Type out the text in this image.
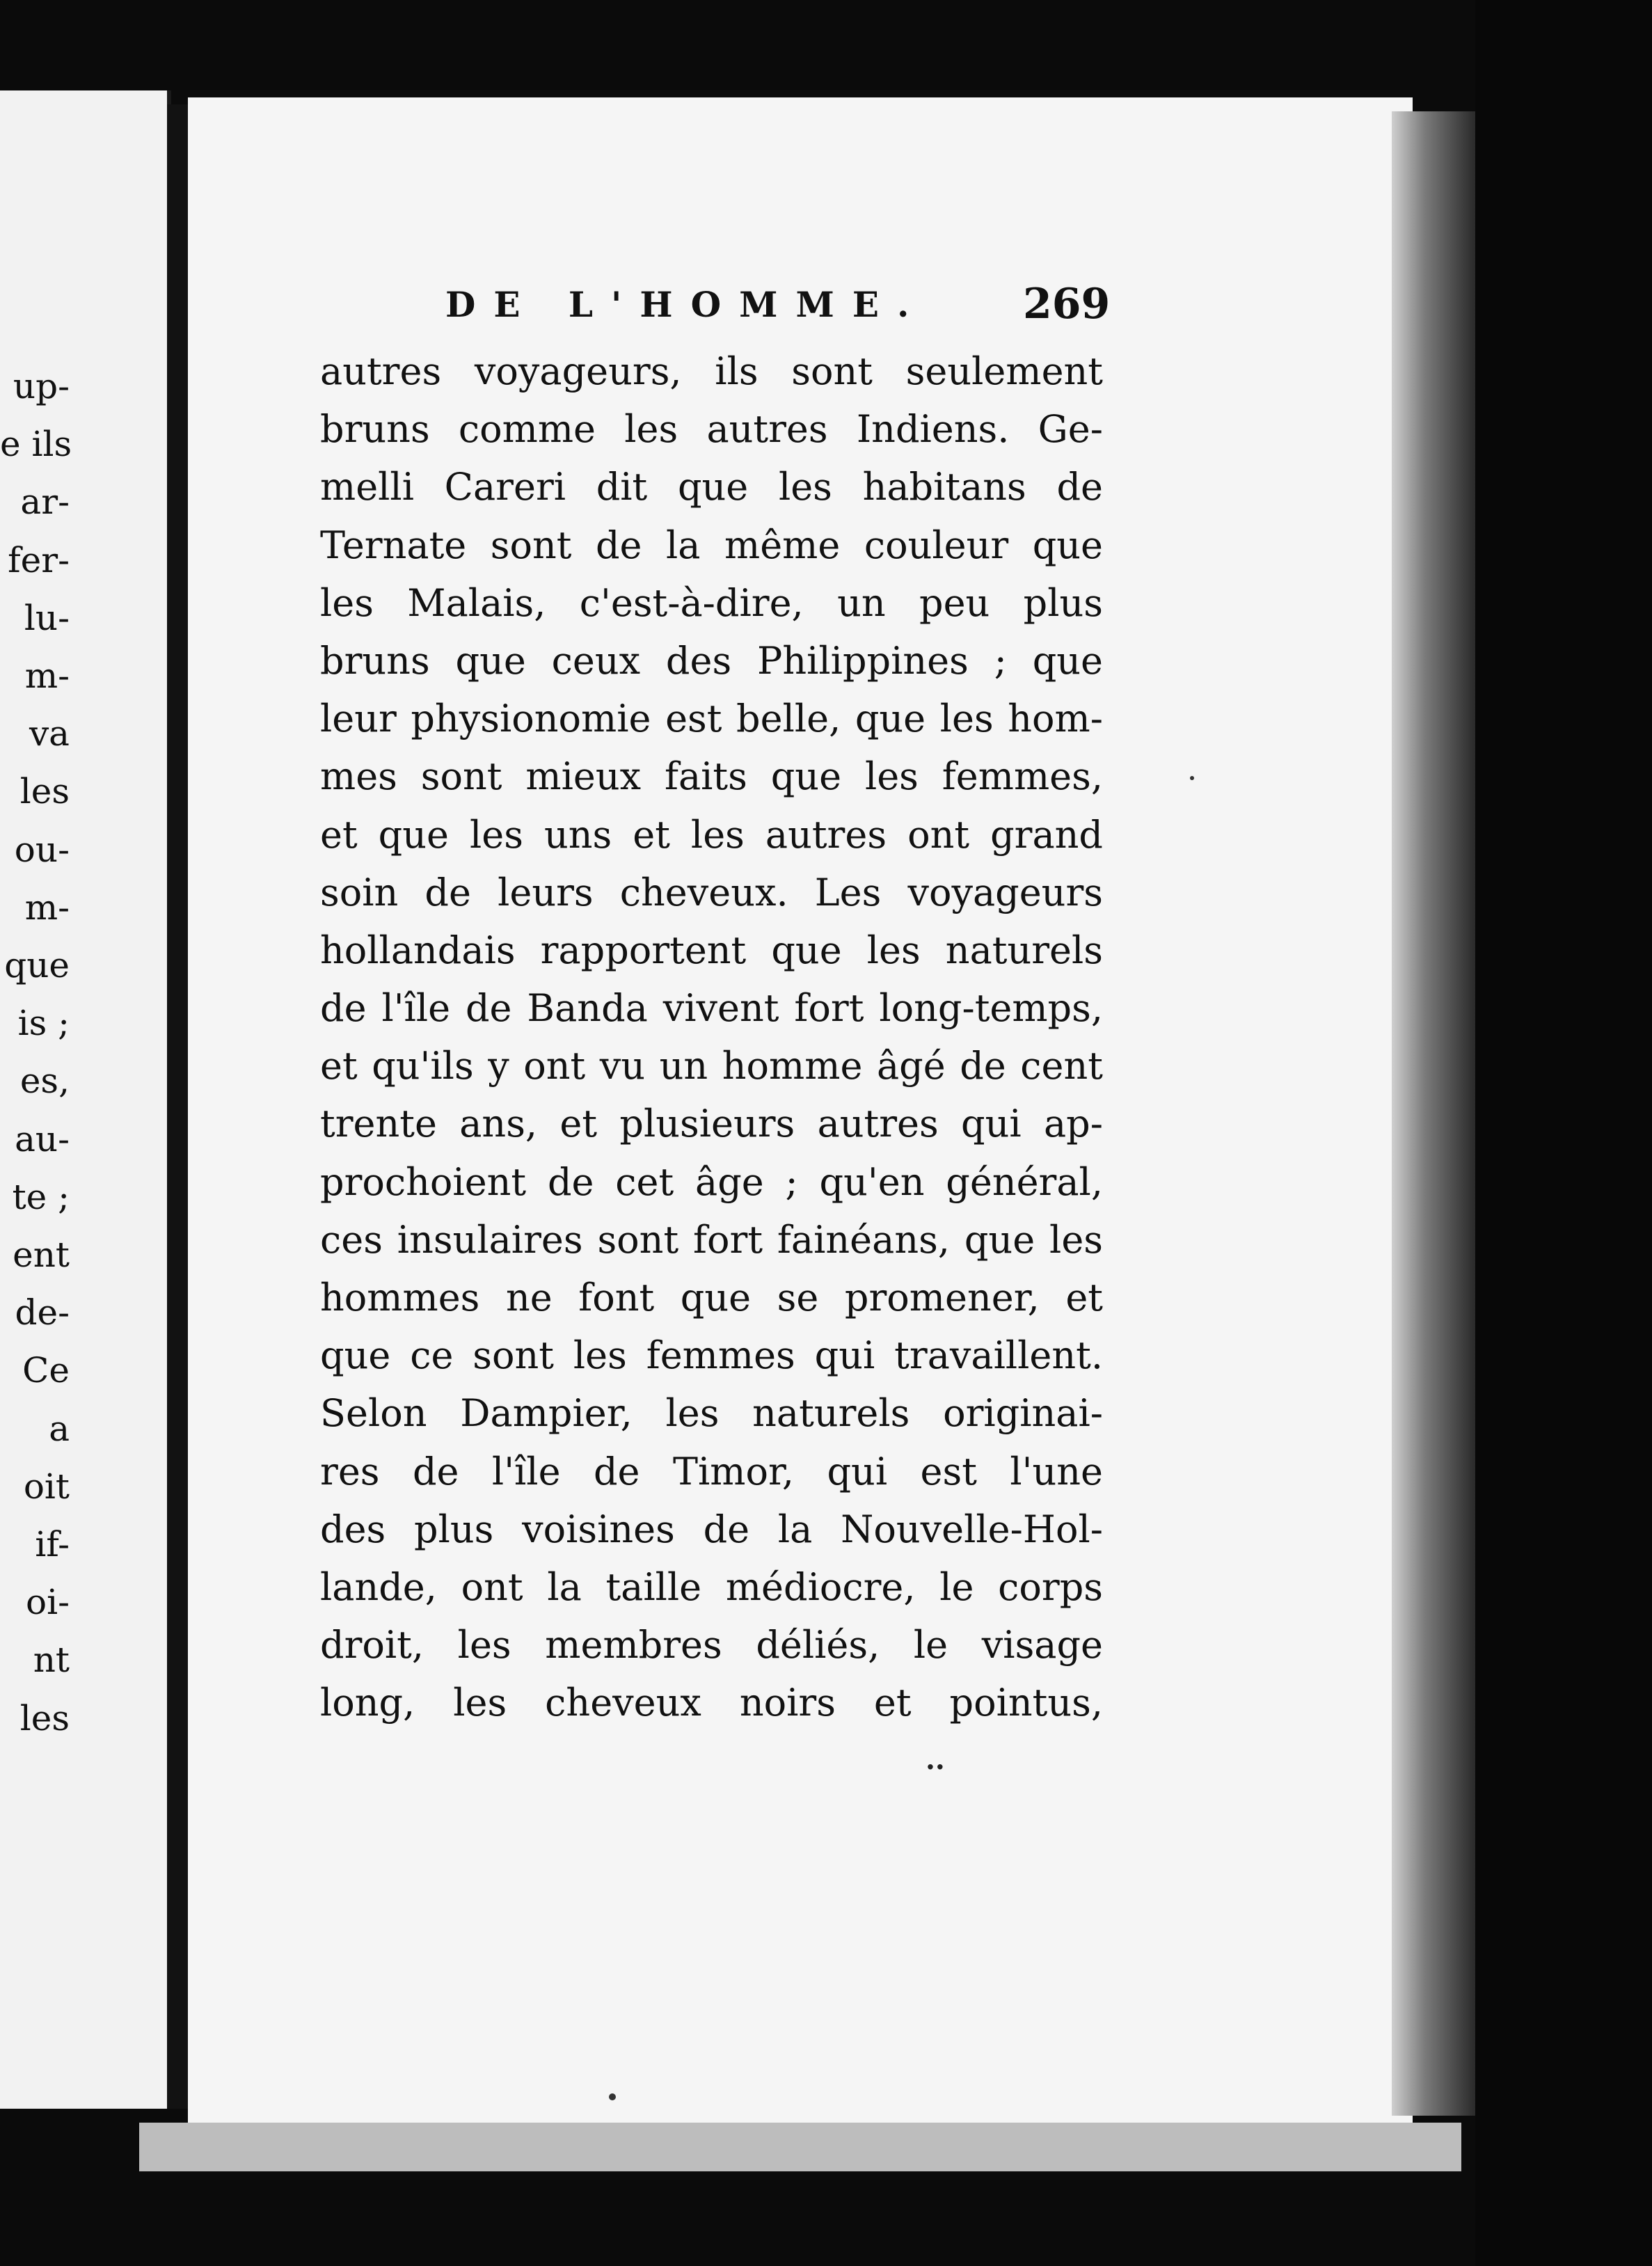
up-
e ils
ar-
fer-
lu-
m-
va
les
ou-
m-
que
is ;
es,
au-
te ;
ent
de-
Ce
a
oit
if-
oi-
nt
les
DE L'HOMME. 269
autres voyageurs, ils sont seulement
bruns comme les autres Indiens. Ge-
melli Careri dit que les habitans de
Ternate sont de la même couleur que
les Malais, c'est-à-dire, un peu plus
bruns que ceux des Philippines ; que
leur physionomie est belle, que les hom-
mes sont mieux faits que les femmes,
et que les uns et les autres ont grand
soin de leurs cheveux. Les voyageurs
hollandais rapportent que les naturels
de l'île de Banda vivent fort long-temps,
et qu'ils y ont vu un homme âgé de cent
trente ans, et plusieurs autres qui ap-
prochoient de cet âge ; qu'en général,
ces insulaires sont fort fainéans, que les
hommes ne font que se promener, et
que ce sont les femmes qui travaillent.
Selon Dampier, les naturels originai-
res de l'île de Timor, qui est l'une
des plus voisines de la Nouvelle-Hol-
lande, ont la taille médiocre, le corps
droit, les membres déliés, le visage
long, les cheveux noirs et pointus,
..
